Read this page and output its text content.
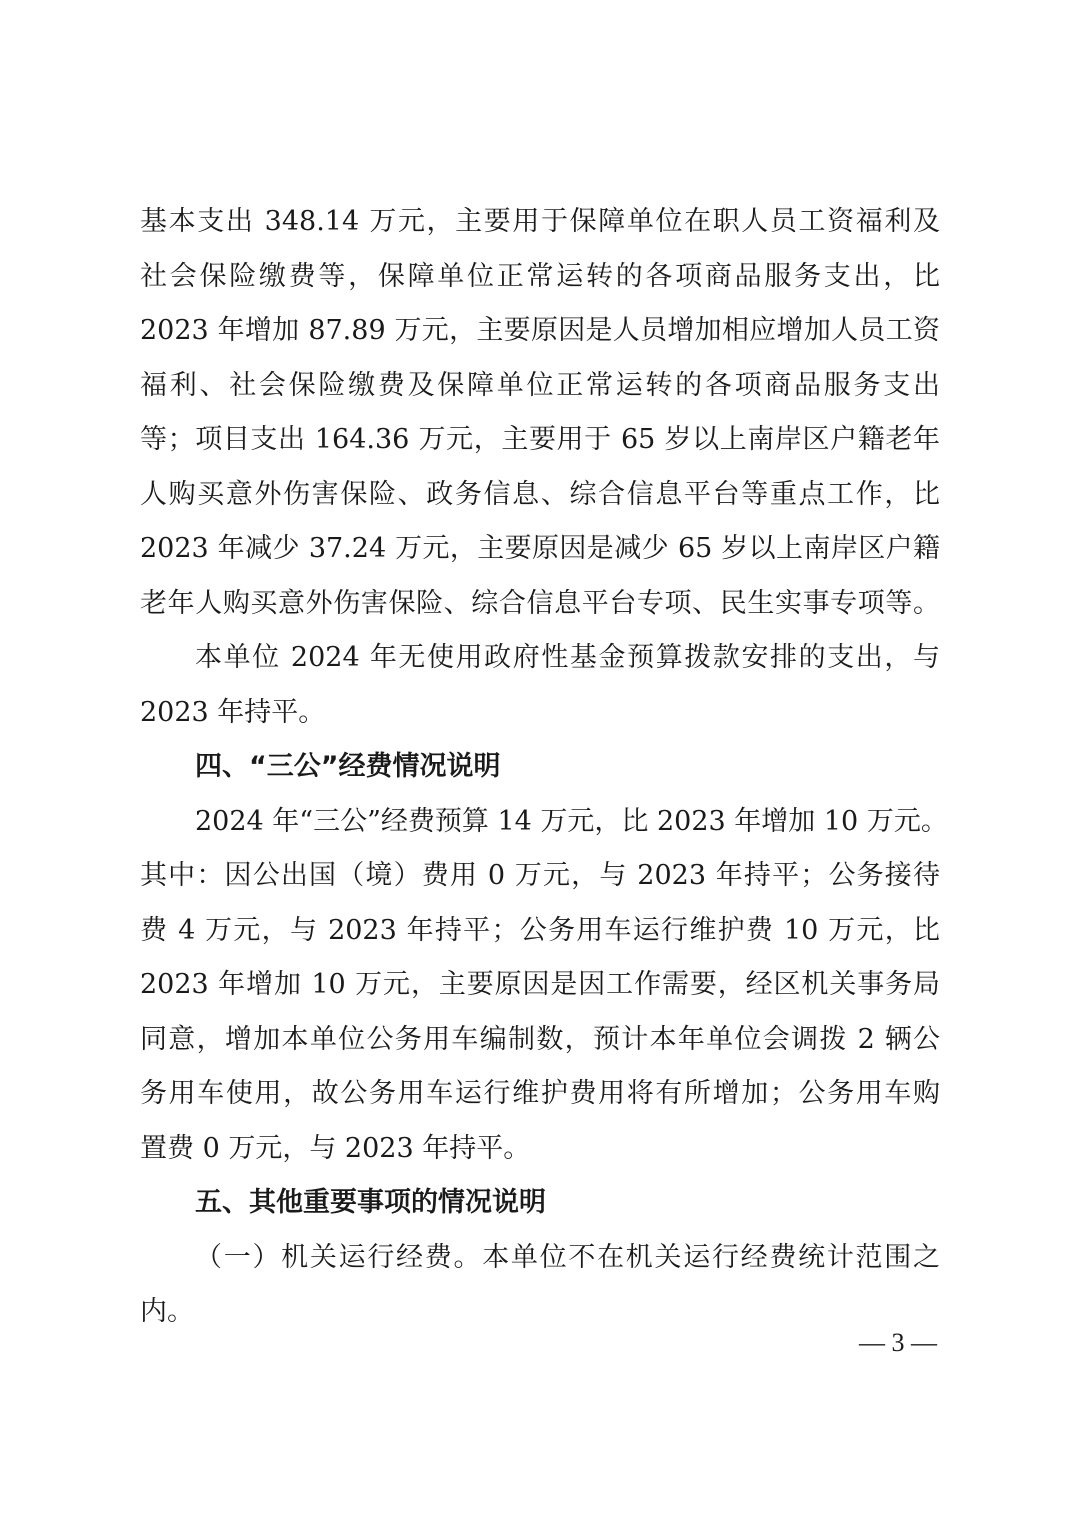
基本支出 348.14 万元，主要用于保障单位在职人员工资福利及
社会保险缴费等，保障单位正常运转的各项商品服务支出，比
2023 年增加 87.89 万元，主要原因是人员增加相应增加人员工资
福利、社会保险缴费及保障单位正常运转的各项商品服务支出
等；项目支出 164.36 万元，主要用于 65 岁以上南岸区户籍老年
人购买意外伤害保险、政务信息、综合信息平台等重点工作，比
2023 年减少 37.24 万元，主要原因是减少 65 岁以上南岸区户籍
老年人购买意外伤害保险、综合信息平台专项、民生实事专项等。
本单位 2024 年无使用政府性基金预算拨款安排的支出，与
2023 年持平。
四、“三公”经费情况说明
2024 年“三公”经费预算 14 万元，比 2023 年增加 10 万元。
其中：因公出国（境）费用 0 万元，与 2023 年持平；公务接待
费 4 万元，与 2023 年持平；公务用车运行维护费 10 万元，比
2023 年增加 10 万元，主要原因是因工作需要，经区机关事务局
同意，增加本单位公务用车编制数，预计本年单位会调拨 2 辆公
务用车使用，故公务用车运行维护费用将有所增加；公务用车购
置费 0 万元，与 2023 年持平。
五、其他重要事项的情况说明
（一）机关运行经费。本单位不在机关运行经费统计范围之
内。
— 3 —
